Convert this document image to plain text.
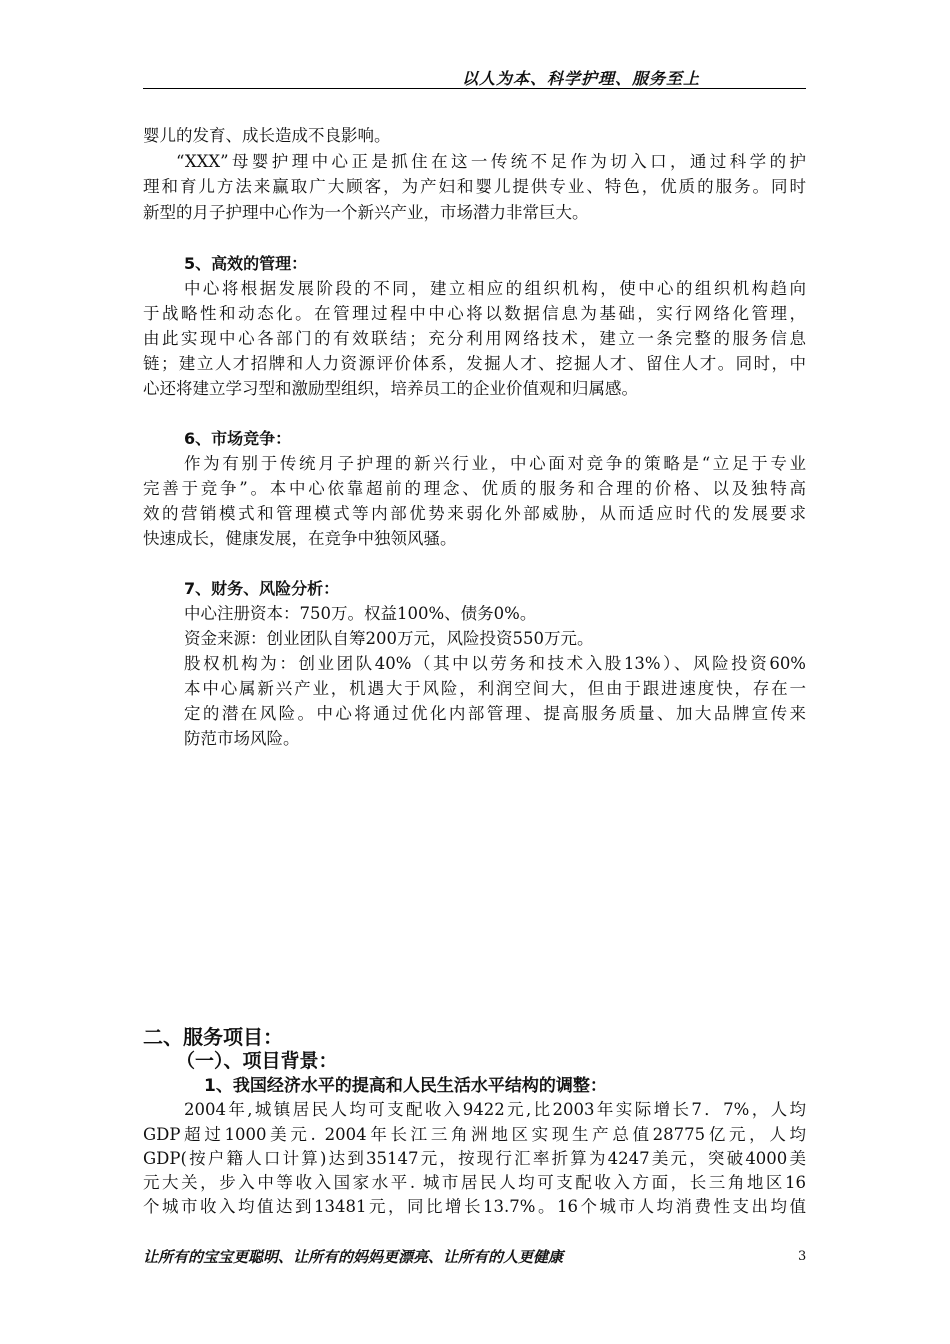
以人为本、科学护理、服务至上
婴儿的发育、成长造成不良影响。
“XXX”母婴护理中心正是抓住在这一传统不足作为切入口，通过科学的护
理和育儿方法来赢取广大顾客，为产妇和婴儿提供专业、特色，优质的服务。同时
新型的月子护理中心作为一个新兴产业，市场潜力非常巨大。
5、高效的管理：
中心将根据发展阶段的不同，建立相应的组织机构，使中心的组织机构趋向
于战略性和动态化。在管理过程中中心将以数据信息为基础，实行网络化管理，
由此实现中心各部门的有效联结；充分利用网络技术，建立一条完整的服务信息
链；建立人才招牌和人力资源评价体系，发掘人才、挖掘人才、留住人才。同时，中
心还将建立学习型和激励型组织，培养员工的企业价值观和归属感。
6、市场竞争：
作为有别于传统月子护理的新兴行业，中心面对竞争的策略是“立足于专业
完善于竞争”。本中心依靠超前的理念、优质的服务和合理的价格、以及独特高
效的营销模式和管理模式等内部优势来弱化外部威胁，从而适应时代的发展要求
快速成长，健康发展，在竞争中独领风骚。
7、财务、风险分析：
中心注册资本：750万。权益100%、债务0%。
资金来源：创业团队自筹200万元，风险投资550万元。
股权机构为：创业团队40%（其中以劳务和技术入股13%）、风险投资60%
本中心属新兴产业，机遇大于风险，利润空间大，但由于跟进速度快，存在一
定的潜在风险。中心将通过优化内部管理、提高服务质量、加大品牌宣传来
防范市场风险。
二、服务项目：
（一）、项目背景：
1、我国经济水平的提高和人民生活水平结构的调整：
2004年,城镇居民人均可支配收入9422元,比2003年实际增长7．7%，人均
GDP超过1000美元. 2004年长江三角洲地区实现生产总值28775亿元，人均
GDP(按户籍人口计算)达到35147元，按现行汇率折算为4247美元，突破4000美
元大关，步入中等收入国家水平. 城市居民人均可支配收入方面，长三角地区16
个城市收入均值达到13481元，同比增长13.7%。16个城市人均消费性支出均值
让所有的宝宝更聪明、让所有的妈妈更漂亮、让所有的人更健康	3
